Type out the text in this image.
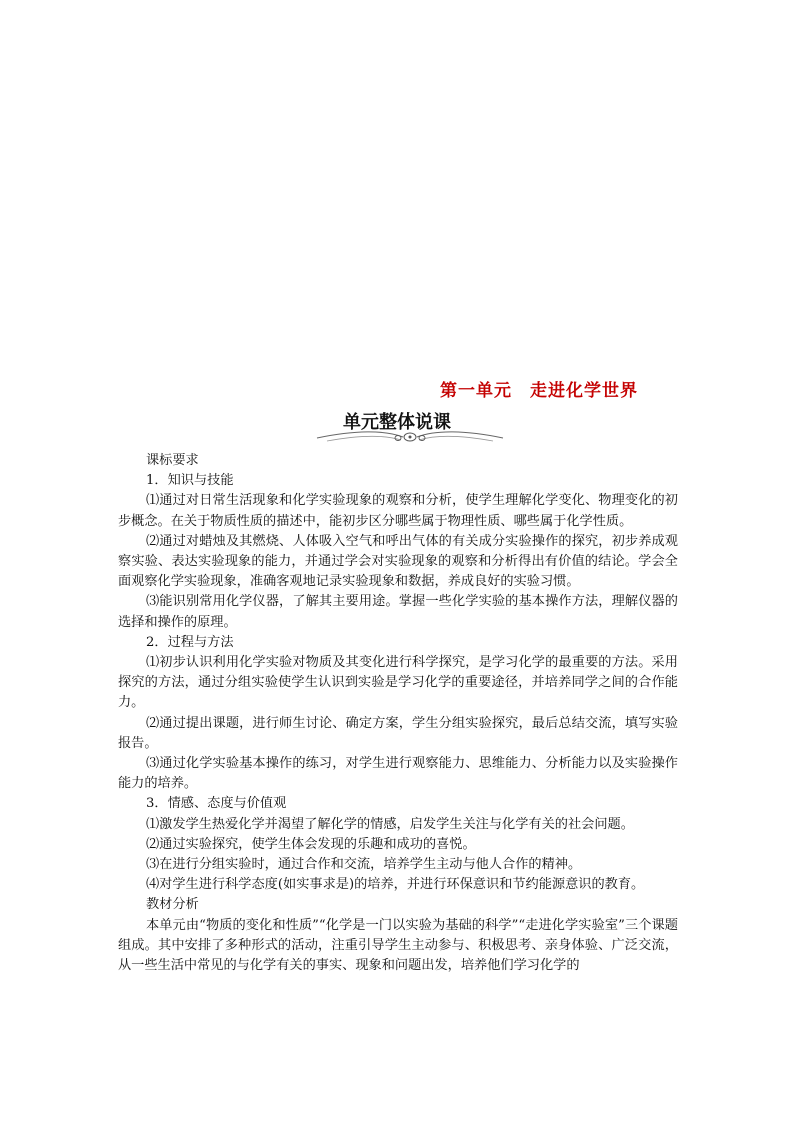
第一单元　走进化学世界
单元整体说课

课标要求

1．知识与技能

⑴通过对日常生活现象和化学实验现象的观察和分析，使学生理解化学变化、物理变化的初步概念。在关于物质性质的描述中，能初步区分哪些属于物理性质、哪些属于化学性质。

⑵通过对蜡烛及其燃烧、人体吸入空气和呼出气体的有关成分实验操作的探究，初步养成观察实验、表达实验现象的能力，并通过学会对实验现象的观察和分析得出有价值的结论。学会全面观察化学实验现象，准确客观地记录实验现象和数据，养成良好的实验习惯。

⑶能识别常用化学仪器，了解其主要用途。掌握一些化学实验的基本操作方法，理解仪器的选择和操作的原理。

2．过程与方法

⑴初步认识利用化学实验对物质及其变化进行科学探究，是学习化学的最重要的方法。采用探究的方法，通过分组实验使学生认识到实验是学习化学的重要途径，并培养同学之间的合作能力。

⑵通过提出课题，进行师生讨论、确定方案，学生分组实验探究，最后总结交流，填写实验报告。

⑶通过化学实验基本操作的练习，对学生进行观察能力、思维能力、分析能力以及实验操作能力的培养。

3．情感、态度与价值观

⑴激发学生热爱化学并渴望了解化学的情感，启发学生关注与化学有关的社会问题。

⑵通过实验探究，使学生体会发现的乐趣和成功的喜悦。

⑶在进行分组实验时，通过合作和交流，培养学生主动与他人合作的精神。

⑷对学生进行科学态度(如实事求是)的培养，并进行环保意识和节约能源意识的教育。

教材分析

本单元由“物质的变化和性质”“化学是一门以实验为基础的科学”“走进化学实验室”三个课题组成。其中安排了多种形式的活动，注重引导学生主动参与、积极思考、亲身体验、广泛交流，从一些生活中常见的与化学有关的事实、现象和问题出发，培养他们学习化学的
